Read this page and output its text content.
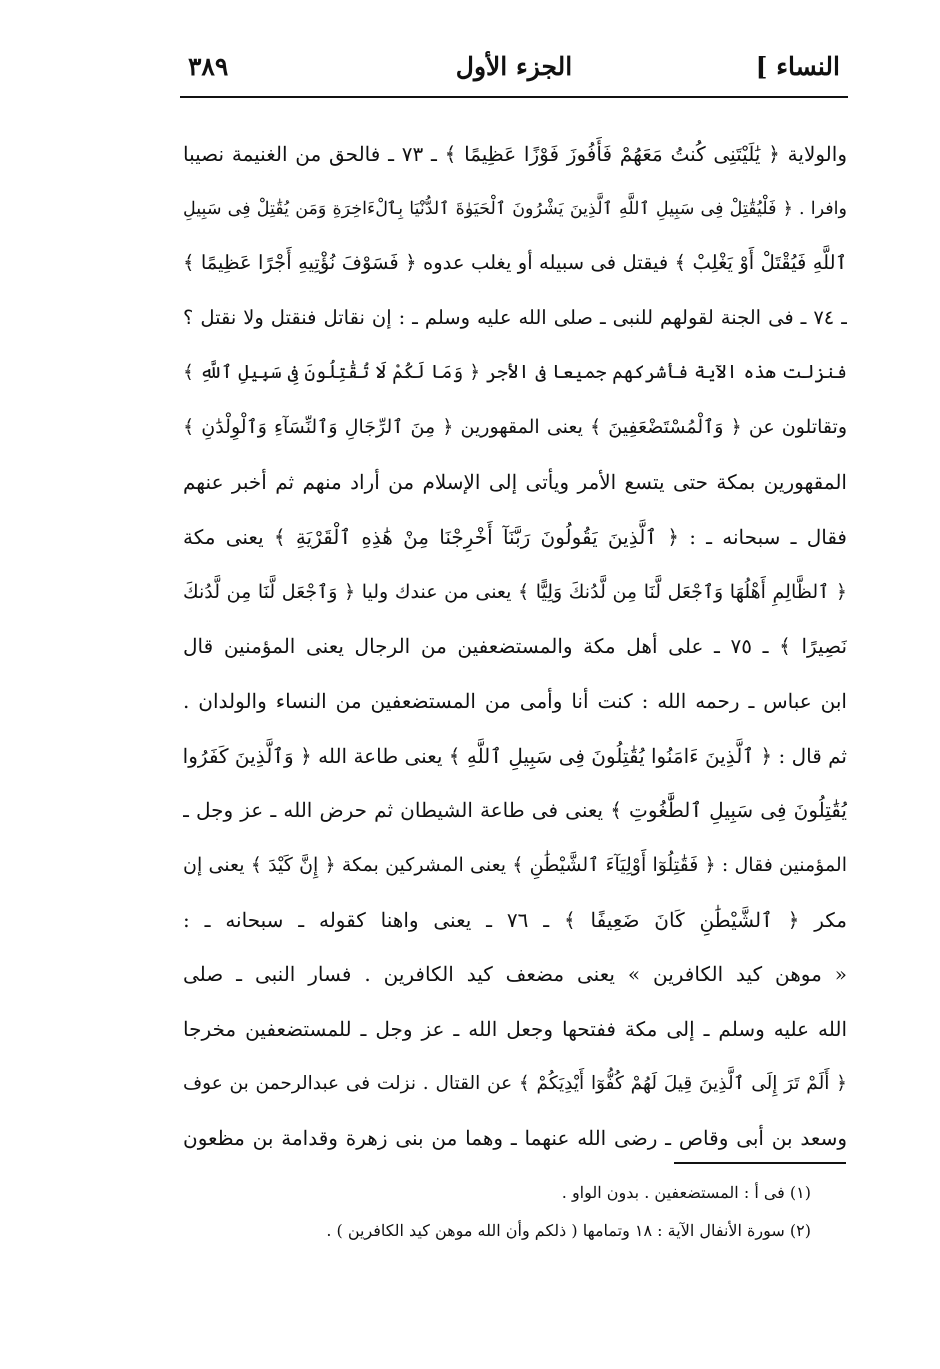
النساء ]
الجزء الأول
٣٨٩
والولاية ﴿ يَٰلَيْتَنِى كُنتُ مَعَهُمْ فَأَفُوزَ فَوْزًا عَظِيمًا ﴾ ـ ٧٣ ـ فالحق من الغنيمة نصيبا
وافرا . ﴿ فَلْيُقَٰتِلْ فِى سَبِيلِ ٱللَّهِ ٱلَّذِينَ يَشْرُونَ ٱلْحَيَوٰةَ ٱلدُّنْيَا بِٱلْءَاخِرَةِ وَمَن يُقَٰتِلْ فِى سَبِيلِ
ٱللَّهِ فَيُقْتَلْ أَوْ يَغْلِبْ ﴾ فيقتل فى سبيله أو يغلب عدوه ﴿ فَسَوْفَ نُؤْتِيهِ أَجْرًا عَظِيمًا ﴾
ـ ٧٤ ـ فى الجنة لقولهم للنبى ـ صلى الله عليه وسلم ـ : إن نقاتل فنقتل ولا نقتل ؟
فنزلت هذه الآية فأشركهم جميعا فى الأجر ﴿ وَمَا لَكُمْ لَا تُقَٰتِلُونَ فِى سَبِيلِ ٱللَّهِ ﴾
وتقاتلون عن ﴿ وَٱلْمُسْتَضْعَفِينَ ﴾ يعنى المقهورين ﴿ مِنَ ٱلرِّجَالِ وَٱلنِّسَآءِ وَٱلْوِلْدَٰنِ ﴾
المقهورين بمكة حتى يتسع الأمر ويأتى إلى الإسلام من أراد منهم ثم أخبر عنهم
فقال ـ سبحانه ـ : ﴿ ٱلَّذِينَ يَقُولُونَ رَبَّنَآ أَخْرِجْنَا مِنْ هَٰذِهِ ٱلْقَرْيَةِ ﴾ يعنى مكة
﴿ ٱلظَّالِمِ أَهْلُهَا وَٱجْعَل لَّنَا مِن لَّدُنكَ وَلِيًّا ﴾ يعنى من عندك وليا ﴿ وَٱجْعَل لَّنَا مِن لَّدُنكَ
نَصِيرًا ﴾ ـ ٧٥ ـ على أهل مكة والمستضعفين من الرجال يعنى المؤمنين قال
ابن عباس ـ رحمه الله : كنت أنا وأمى من المستضعفين من النساء والولدان .
ثم قال : ﴿ ٱلَّذِينَ ءَامَنُوا يُقَٰتِلُونَ فِى سَبِيلِ ٱللَّهِ ﴾ يعنى طاعة الله ﴿ وَٱلَّذِينَ كَفَرُوا
يُقَٰتِلُونَ فِى سَبِيلِ ٱلطَّٰغُوتِ ﴾ يعنى فى طاعة الشيطان ثم حرض الله ـ عز وجل ـ
المؤمنين فقال : ﴿ فَقَٰتِلُوٓا أَوْلِيَآءَ ٱلشَّيْطَٰنِ ﴾ يعنى المشركين بمكة ﴿ إِنَّ كَيْدَ ﴾ يعنى إن
مكر ﴿ ٱلشَّيْطَٰنِ كَانَ ضَعِيفًا ﴾ ـ ٧٦ ـ يعنى واهنا كقوله ـ سبحانه ـ :
« موهن كيد الكافرين » يعنى مضعف كيد الكافرين . فسار النبى ـ صلى
الله عليه وسلم ـ إلى مكة ففتحها وجعل الله ـ عز وجل ـ للمستضعفين مخرجا
﴿ أَلَمْ تَرَ إِلَى ٱلَّذِينَ قِيلَ لَهُمْ كُفُّوٓا أَيْدِيَكُمْ ﴾ عن القتال . نزلت فى عبدالرحمن بن عوف
وسعد بن أبى وقاص ـ رضى الله عنهما ـ وهما من بنى زهرة وقدامة بن مظعون
(١) فى أ : المستضعفين . بدون الواو .
(٢) سورة الأنفال الآية : ١٨ وتمامها ( ذلكم وأن الله موهن كيد الكافرين ) .
